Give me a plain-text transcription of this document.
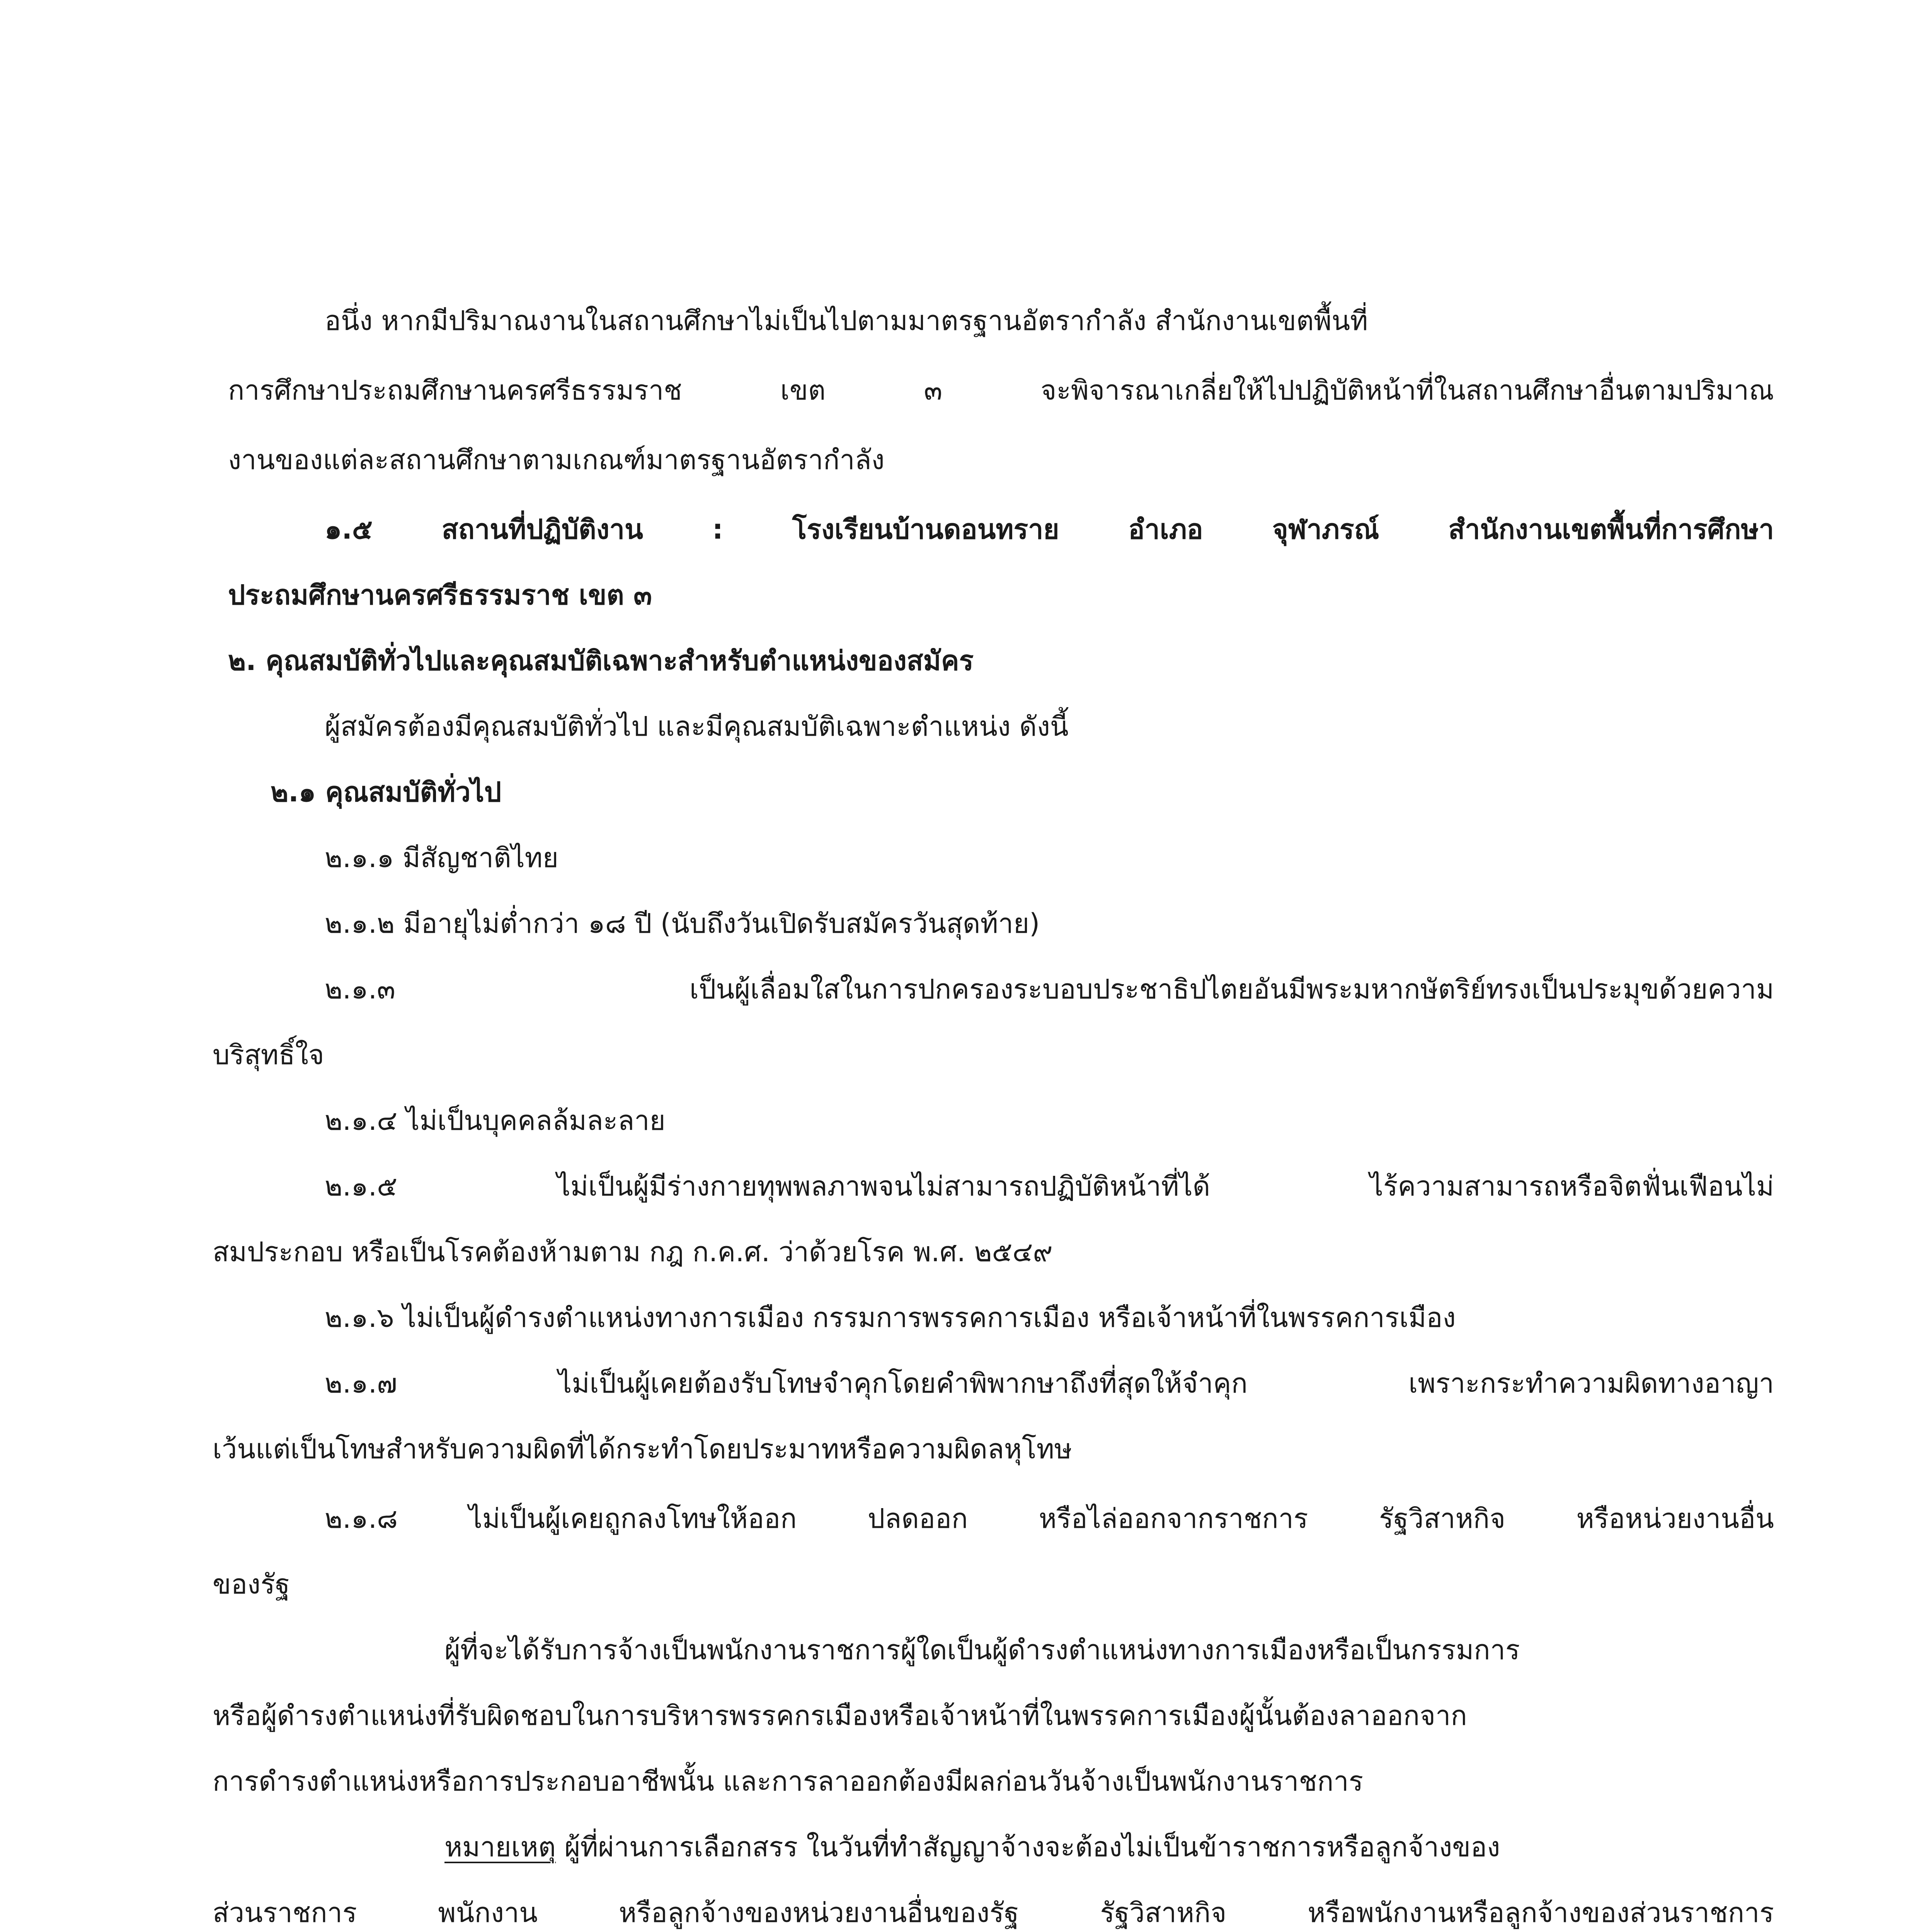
อนึ่ง หากมีปริมาณงานในสถานศึกษาไม่เป็นไปตามมาตรฐานอัตรากำลัง สำนักงานเขตพื้นที่
การศึกษาประถมศึกษานครศรีธรรมราช เขต ๓ จะพิจารณาเกลี่ยให้ไปปฏิบัติหน้าที่ในสถานศึกษาอื่นตามปริมาณ
งานของแต่ละสถานศึกษาตามเกณฑ์มาตรฐานอัตรากำลัง
๑.๕ สถานที่ปฏิบัติงาน : โรงเรียนบ้านดอนทราย อำเภอ จุฬาภรณ์ สำนักงานเขตพื้นที่การศึกษา
ประถมศึกษานครศรีธรรมราช เขต ๓
๒. คุณสมบัติทั่วไปและคุณสมบัติเฉพาะสำหรับตำแหน่งของสมัคร
ผู้สมัครต้องมีคุณสมบัติทั่วไป และมีคุณสมบัติเฉพาะตำแหน่ง ดังนี้
๒.๑ คุณสมบัติทั่วไป
๒.๑.๑ มีสัญชาติไทย
๒.๑.๒ มีอายุไม่ต่ำกว่า ๑๘ ปี (นับถึงวันเปิดรับสมัครวันสุดท้าย)
๒.๑.๓ เป็นผู้เลื่อมใสในการปกครองระบอบประชาธิปไตยอันมีพระมหากษัตริย์ทรงเป็นประมุขด้วยความ
บริสุทธิ์ใจ
๒.๑.๔ ไม่เป็นบุคคลล้มละลาย
๒.๑.๕ ไม่เป็นผู้มีร่างกายทุพพลภาพจนไม่สามารถปฏิบัติหน้าที่ได้ ไร้ความสามารถหรือจิตฟั่นเฟือนไม่
สมประกอบ หรือเป็นโรคต้องห้ามตาม กฎ ก.ค.ศ. ว่าด้วยโรค พ.ศ. ๒๕๔๙
๒.๑.๖ ไม่เป็นผู้ดำรงตำแหน่งทางการเมือง กรรมการพรรคการเมือง หรือเจ้าหน้าที่ในพรรคการเมือง
๒.๑.๗ ไม่เป็นผู้เคยต้องรับโทษจำคุกโดยคำพิพากษาถึงที่สุดให้จำคุก เพราะกระทำความผิดทางอาญา
เว้นแต่เป็นโทษสำหรับความผิดที่ได้กระทำโดยประมาทหรือความผิดลหุโทษ
๒.๑.๘ ไม่เป็นผู้เคยถูกลงโทษให้ออก ปลดออก หรือไล่ออกจากราชการ รัฐวิสาหกิจ หรือหน่วยงานอื่น
ของรัฐ
ผู้ที่จะได้รับการจ้างเป็นพนักงานราชการผู้ใดเป็นผู้ดำรงตำแหน่งทางการเมืองหรือเป็นกรรมการ
หรือผู้ดำรงตำแหน่งที่รับผิดชอบในการบริหารพรรคกรเมืองหรือเจ้าหน้าที่ในพรรคการเมืองผู้นั้นต้องลาออกจาก
การดำรงตำแหน่งหรือการประกอบอาชีพนั้น และการลาออกต้องมีผลก่อนวันจ้างเป็นพนักงานราชการ
หมายเหตุ ผู้ที่ผ่านการเลือกสรร ในวันที่ทำสัญญาจ้างจะต้องไม่เป็นข้าราชการหรือลูกจ้างของ
ส่วนราชการ พนักงาน หรือลูกจ้างของหน่วยงานอื่นของรัฐ รัฐวิสาหกิจ หรือพนักงานหรือลูกจ้างของส่วนราชการ
